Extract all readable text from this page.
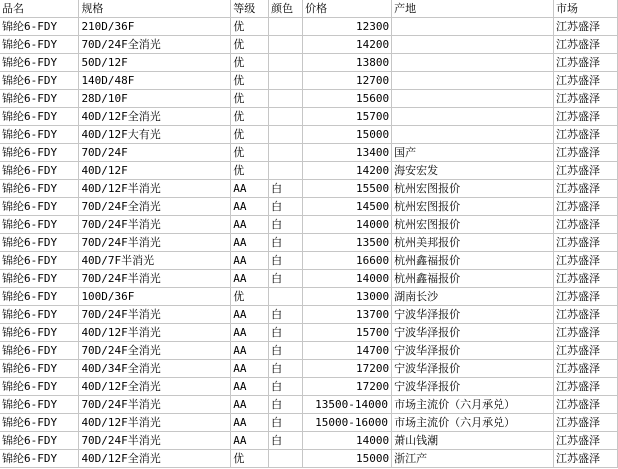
品名	规格	等级	颜色	价格	产地	市场
锦纶6-FDY	210D/36F	优		12300		江苏盛泽
锦纶6-FDY	70D/24F全消光	优		14200		江苏盛泽
锦纶6-FDY	50D/12F	优		13800		江苏盛泽
锦纶6-FDY	140D/48F	优		12700		江苏盛泽
锦纶6-FDY	28D/10F	优		15600		江苏盛泽
锦纶6-FDY	40D/12F全消光	优		15700		江苏盛泽
锦纶6-FDY	40D/12F大有光	优		15000		江苏盛泽
锦纶6-FDY	70D/24F	优		13400	国产	江苏盛泽
锦纶6-FDY	40D/12F	优		14200	海安宏发	江苏盛泽
锦纶6-FDY	40D/12F半消光	AA	白	15500	杭州宏图报价	江苏盛泽
锦纶6-FDY	70D/24F全消光	AA	白	14500	杭州宏图报价	江苏盛泽
锦纶6-FDY	70D/24F半消光	AA	白	14000	杭州宏图报价	江苏盛泽
锦纶6-FDY	70D/24F半消光	AA	白	13500	杭州美邦报价	江苏盛泽
锦纶6-FDY	40D/7F半消光	AA	白	16600	杭州鑫福报价	江苏盛泽
锦纶6-FDY	70D/24F半消光	AA	白	14000	杭州鑫福报价	江苏盛泽
锦纶6-FDY	100D/36F	优		13000	湖南长沙	江苏盛泽
锦纶6-FDY	70D/24F半消光	AA	白	13700	宁波华泽报价	江苏盛泽
锦纶6-FDY	40D/12F半消光	AA	白	15700	宁波华泽报价	江苏盛泽
锦纶6-FDY	70D/24F全消光	AA	白	14700	宁波华泽报价	江苏盛泽
锦纶6-FDY	40D/34F全消光	AA	白	17200	宁波华泽报价	江苏盛泽
锦纶6-FDY	40D/12F全消光	AA	白	17200	宁波华泽报价	江苏盛泽
锦纶6-FDY	70D/24F半消光	AA	白	13500-14000	市场主流价（六月承兑）	江苏盛泽
锦纶6-FDY	40D/12F半消光	AA	白	15000-16000	市场主流价（六月承兑）	江苏盛泽
锦纶6-FDY	70D/24F半消光	AA	白	14000	萧山钱潮	江苏盛泽
锦纶6-FDY	40D/12F全消光	优		15000	浙江产	江苏盛泽
